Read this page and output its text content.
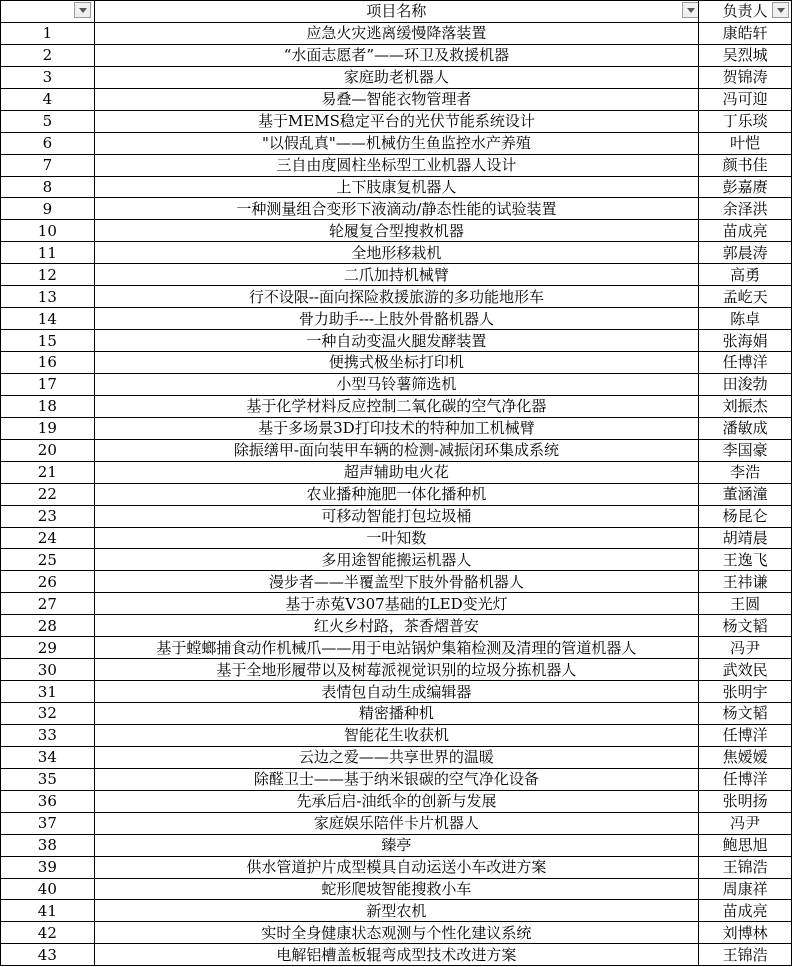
	项目名称	负责人

1	应急火灾逃离缓慢降落装置	康皓轩
2	“水面志愿者”——环卫及救援机器	吴烈城
3	家庭助老机器人	贺锦涛
4	易叠—智能衣物管理者	冯可迎
5	基于MEMS稳定平台的光伏节能系统设计	丁乐琰
6	"以假乱真"——机械仿生鱼监控水产养殖	叶恺
7	三自由度圆柱坐标型工业机器人设计	颜书佳
8	上下肢康复机器人	彭嘉赓
9	一种测量组合变形下液滴动/静态性能的试验装置	余泽洪
10	轮履复合型搜救机器	苗成亮
11	全地形移栽机	郭晨涛
12	二爪加持机械臂	高勇
13	行不设限--面向探险救援旅游的多功能地形车	孟屹天
14	骨力助手---上肢外骨骼机器人	陈卓
15	一种自动变温火腿发酵装置	张海娟
16	便携式极坐标打印机	任博洋
17	小型马铃薯筛选机	田浚勃
18	基于化学材料反应控制二氧化碳的空气净化器	刘振杰
19	基于多场景3D打印技术的特种加工机械臂	潘敏成
20	除振缮甲-面向装甲车辆的检测-减振闭环集成系统	李国豪
21	超声辅助电火花	李浩
22	农业播种施肥一体化播种机	董涵潼
23	可移动智能打包垃圾桶	杨昆仑
24	一叶知数	胡靖晨
25	多用途智能搬运机器人	王逸飞
26	漫步者——半覆盖型下肢外骨骼机器人	王祎谦
27	基于赤菟V307基础的LED变光灯	王圆
28	红火乡村路，茶香熠普安	杨文韬
29	基于螳螂捕食动作机械爪——用于电站锅炉集箱检测及清理的管道机器人	冯尹
30	基于全地形履带以及树莓派视觉识别的垃圾分拣机器人	武效民
31	表情包自动生成编辑器	张明宇
32	精密播种机	杨文韬
33	智能花生收获机	任博洋
34	云边之爱——共享世界的温暖	焦嫒嫒
35	除醛卫士——基于纳米银碳的空气净化设备	任博洋
36	先承后启-油纸伞的创新与发展	张明扬
37	家庭娱乐陪伴卡片机器人	冯尹
38	臻亭	鲍思旭
39	供水管道护片成型模具自动运送小车改进方案	王锦浩
40	蛇形爬坡智能搜救小车	周康祥
41	新型农机	苗成亮
42	实时全身健康状态观测与个性化建议系统	刘博林
43	电解铝槽盖板辊弯成型技术改进方案	王锦浩
